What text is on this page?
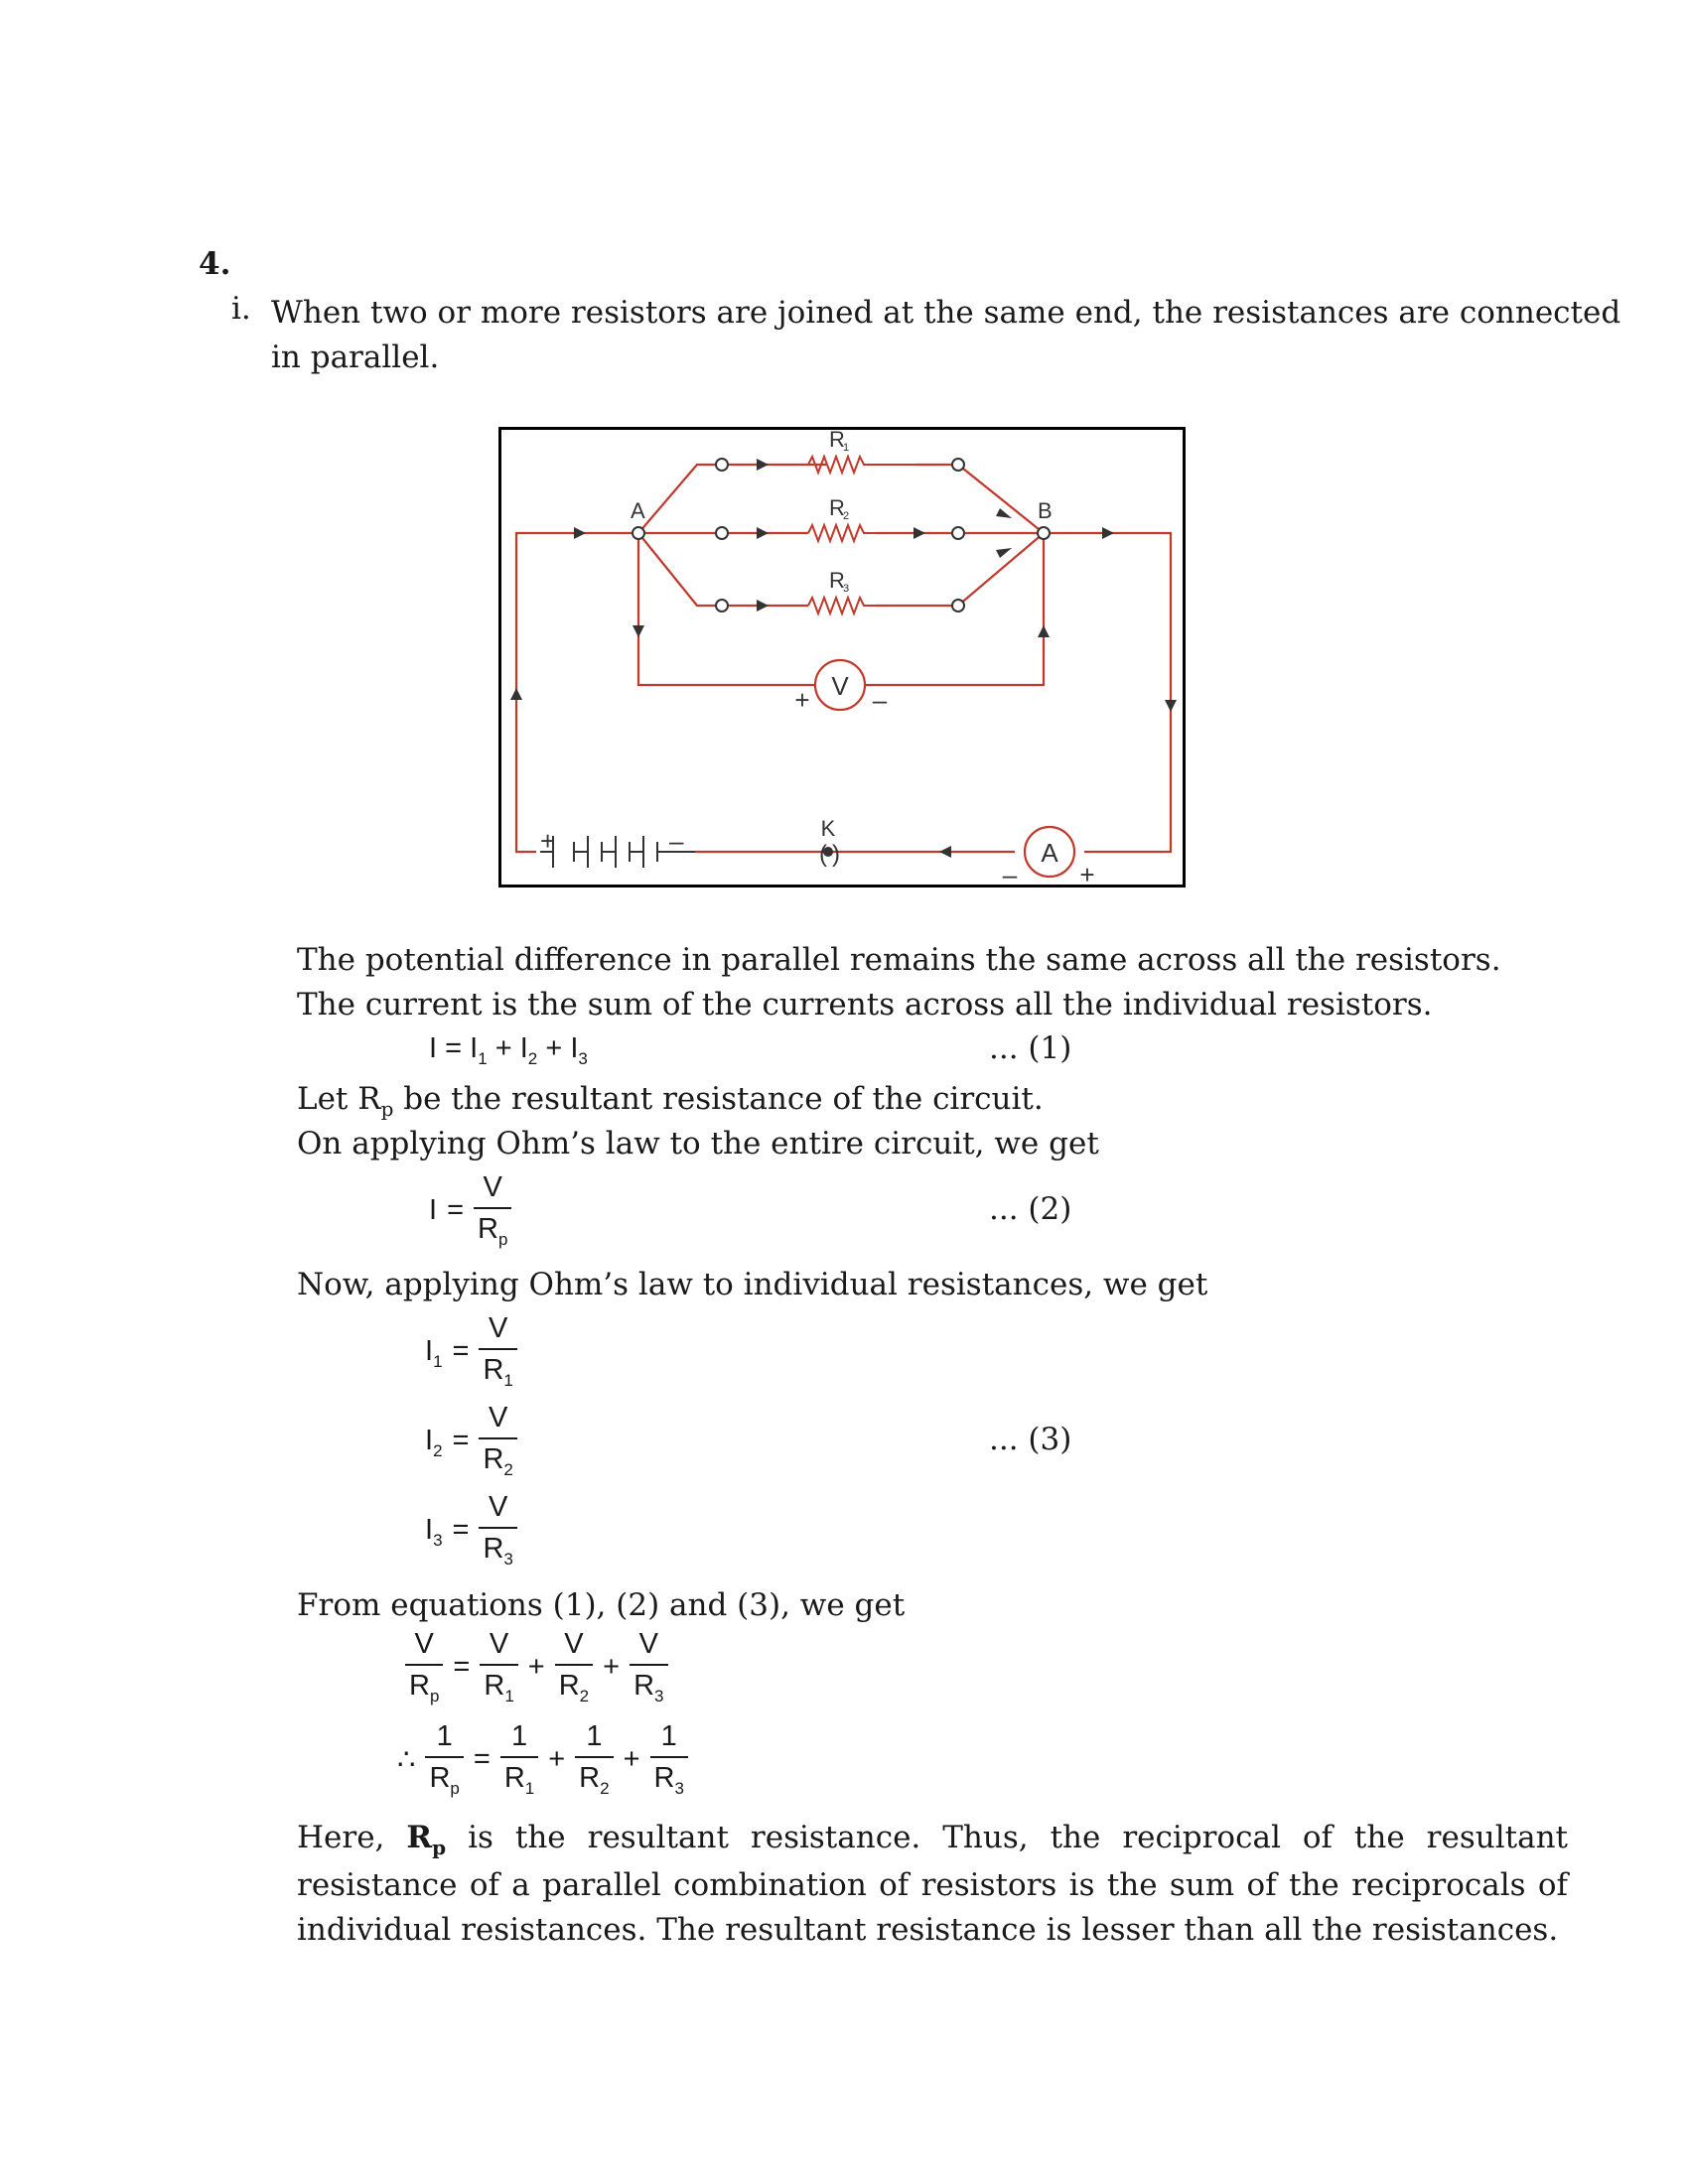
4.
i. When two or more resistors are joined at the same end, the resistances are connected
in parallel.
V
+ –
A
– +
( )
K
+	–
A	B
R
1
R
2
R
3
The potential difference in parallel remains the same across all the resistors.
The current is the sum of the currents across all the individual resistors.
$I = I_1 + I_2 + I_3$	... (1)
Let $R_p$ be the resultant resistance of the circuit.
On applying Ohm’s law to the entire circuit, we get
$I = \frac{V}{R_p}$	... (2)
Now, applying Ohm’s law to individual resistances, we get
$I_1 = \frac{V}{R_1}$
$I_2 = \frac{V}{R_2}$	... (3)
$I_3 = \frac{V}{R_3}$
From equations (1), (2) and (3), we get
$\frac{V}{R_p} = \frac{V}{R_1} + \frac{V}{R_2} + \frac{V}{R_3}$
∴ $\frac{1}{R_p} = \frac{1}{R_1} + \frac{1}{R_2} + \frac{1}{R_3}$
Here, $R_p$ is the resultant resistance. Thus, the reciprocal of the resultant resistance of a parallel combination of resistors is the sum of the reciprocals of individual resistances. The resultant resistance is lesser than all the resistances.
